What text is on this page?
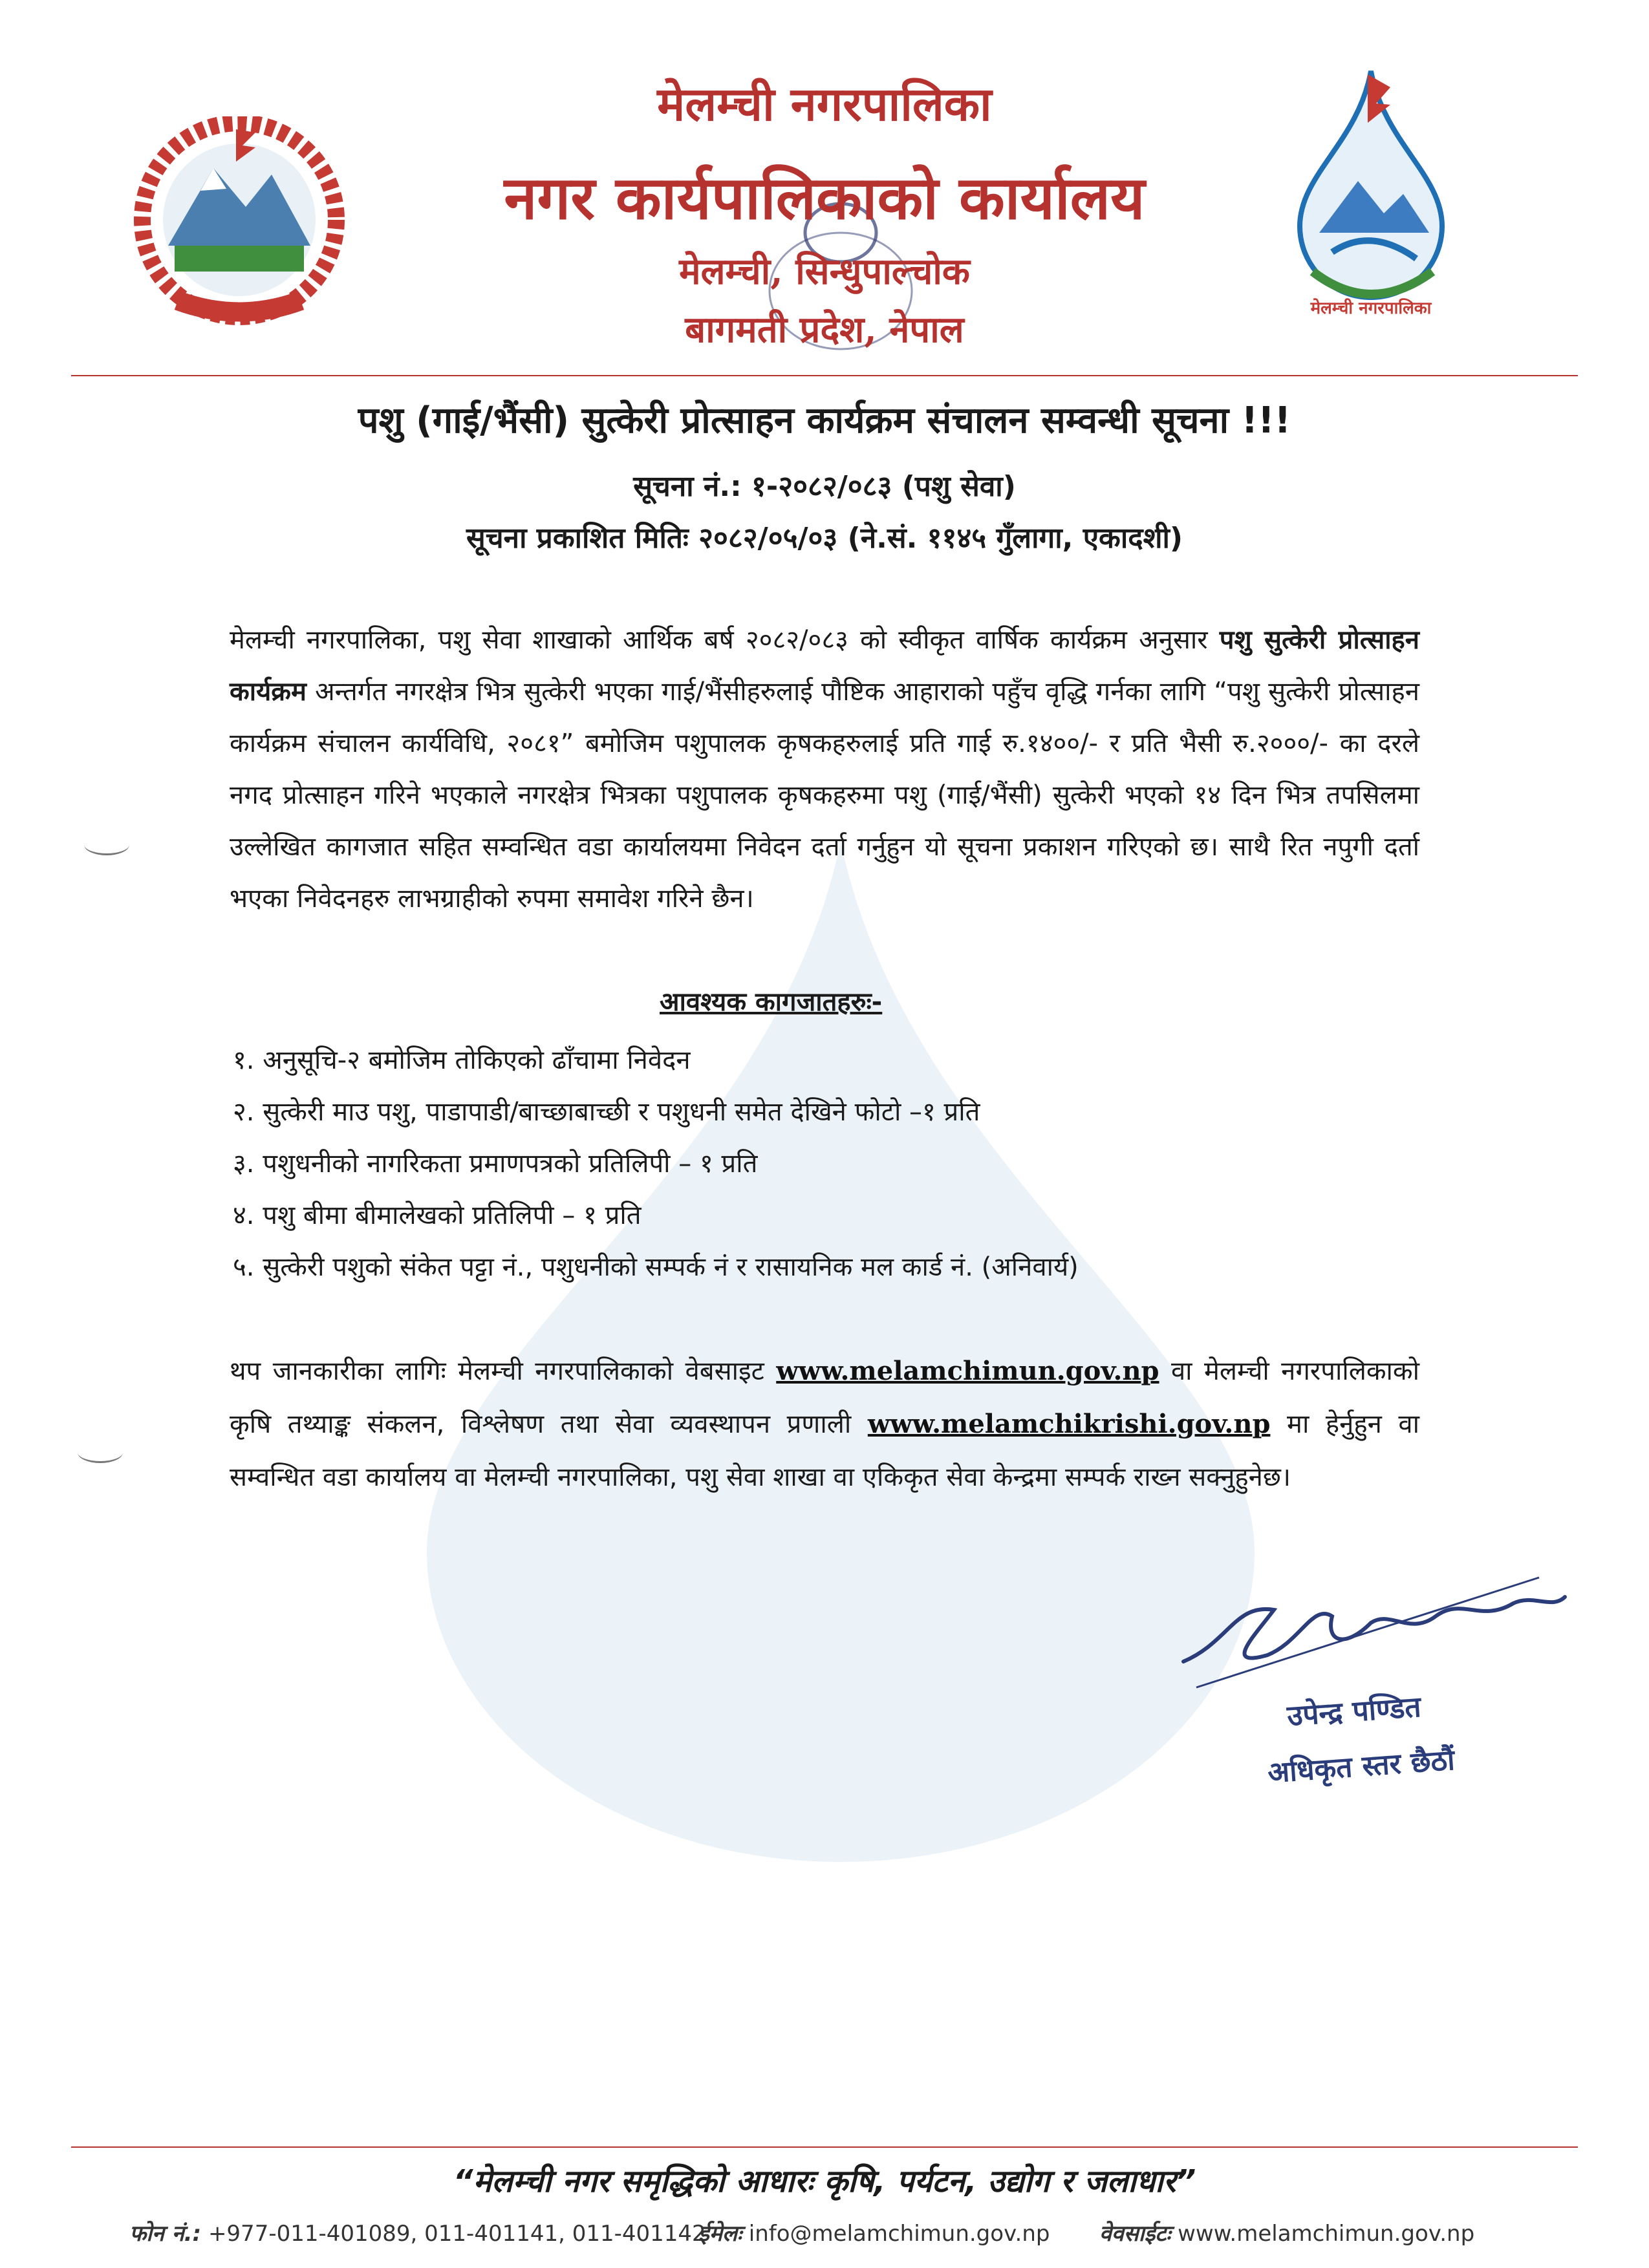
मेलम्ची नगरपालिका
मेलम्ची नगरपालिका
नगर कार्यपालिकाको कार्यालय
मेलम्ची, सिन्धुपाल्चोक
बागमती प्रदेश, नेपाल
पशु (गाई/भैंसी) सुत्केरी प्रोत्साहन कार्यक्रम संचालन सम्वन्धी सूचना !!!
सूचना नं.: १-२०८२/०८३ (पशु सेवा)
सूचना प्रकाशित मितिः २०८२/०५/०३ (ने.सं. ११४५ गुँलागा, एकादशी)
मेलम्ची नगरपालिका, पशु सेवा शाखाको आर्थिक बर्ष २०८२/०८३ को स्वीकृत वार्षिक कार्यक्रम अनुसार पशु सुत्केरी प्रोत्साहन कार्यक्रम अन्तर्गत नगरक्षेत्र भित्र सुत्केरी भएका गाई/भैंसीहरुलाई पौष्टिक आहाराको पहुँच वृद्धि गर्नका लागि “पशु सुत्केरी प्रोत्साहन कार्यक्रम संचालन कार्यविधि, २०८१” बमोजिम पशुपालक कृषकहरुलाई प्रति गाई रु.१४००/- र प्रति भैसी रु.२०००/- का दरले नगद प्रोत्साहन गरिने भएकाले नगरक्षेत्र भित्रका पशुपालक कृषकहरुमा पशु (गाई/भैंसी) सुत्केरी भएको १४ दिन भित्र तपसिलमा उल्लेखित कागजात सहित सम्वन्धित वडा कार्यालयमा निवेदन दर्ता गर्नुहुन यो सूचना प्रकाशन गरिएको छ। साथै रित नपुगी दर्ता भएका निवेदनहरु लाभग्राहीको रुपमा समावेश गरिने छैन।
आवश्यक कागजातहरुः-
१. अनुसूचि-२ बमोजिम तोकिएको ढाँचामा निवेदन
२. सुत्केरी माउ पशु, पाडापाडी/बाच्छाबाच्छी र पशुधनी समेत देखिने फोटो –१ प्रति
३. पशुधनीको नागरिकता प्रमाणपत्रको प्रतिलिपी – १ प्रति
४. पशु बीमा बीमालेखको प्रतिलिपी – १ प्रति
५. सुत्केरी पशुको संकेत पट्टा नं., पशुधनीको सम्पर्क नं र रासायनिक मल कार्ड नं. (अनिवार्य)
थप जानकारीका लागिः मेलम्ची नगरपालिकाको वेबसाइट www.melamchimun.gov.np वा मेलम्ची नगरपालिकाको कृषि तथ्याङ्क संकलन, विश्लेषण तथा सेवा व्यवस्थापन प्रणाली www.melamchikrishi.gov.np मा हेर्नुहुन वा सम्वन्धित वडा कार्यालय वा मेलम्ची नगरपालिका, पशु सेवा शाखा वा एकिकृत सेवा केन्द्रमा सम्पर्क राख्न सक्नुहुनेछ।
उपेन्द्र पण्डित
अधिकृत स्तर छैठौं
“मेलम्ची नगर समृद्धिको आधारः कृषि, पर्यटन, उद्योग र जलाधार”
फोन नं.: +977-011-401089, 011-401141, 011-401142
ईमेलः info@melamchimun.gov.np वेवसाईटः www.melamchimun.gov.np
